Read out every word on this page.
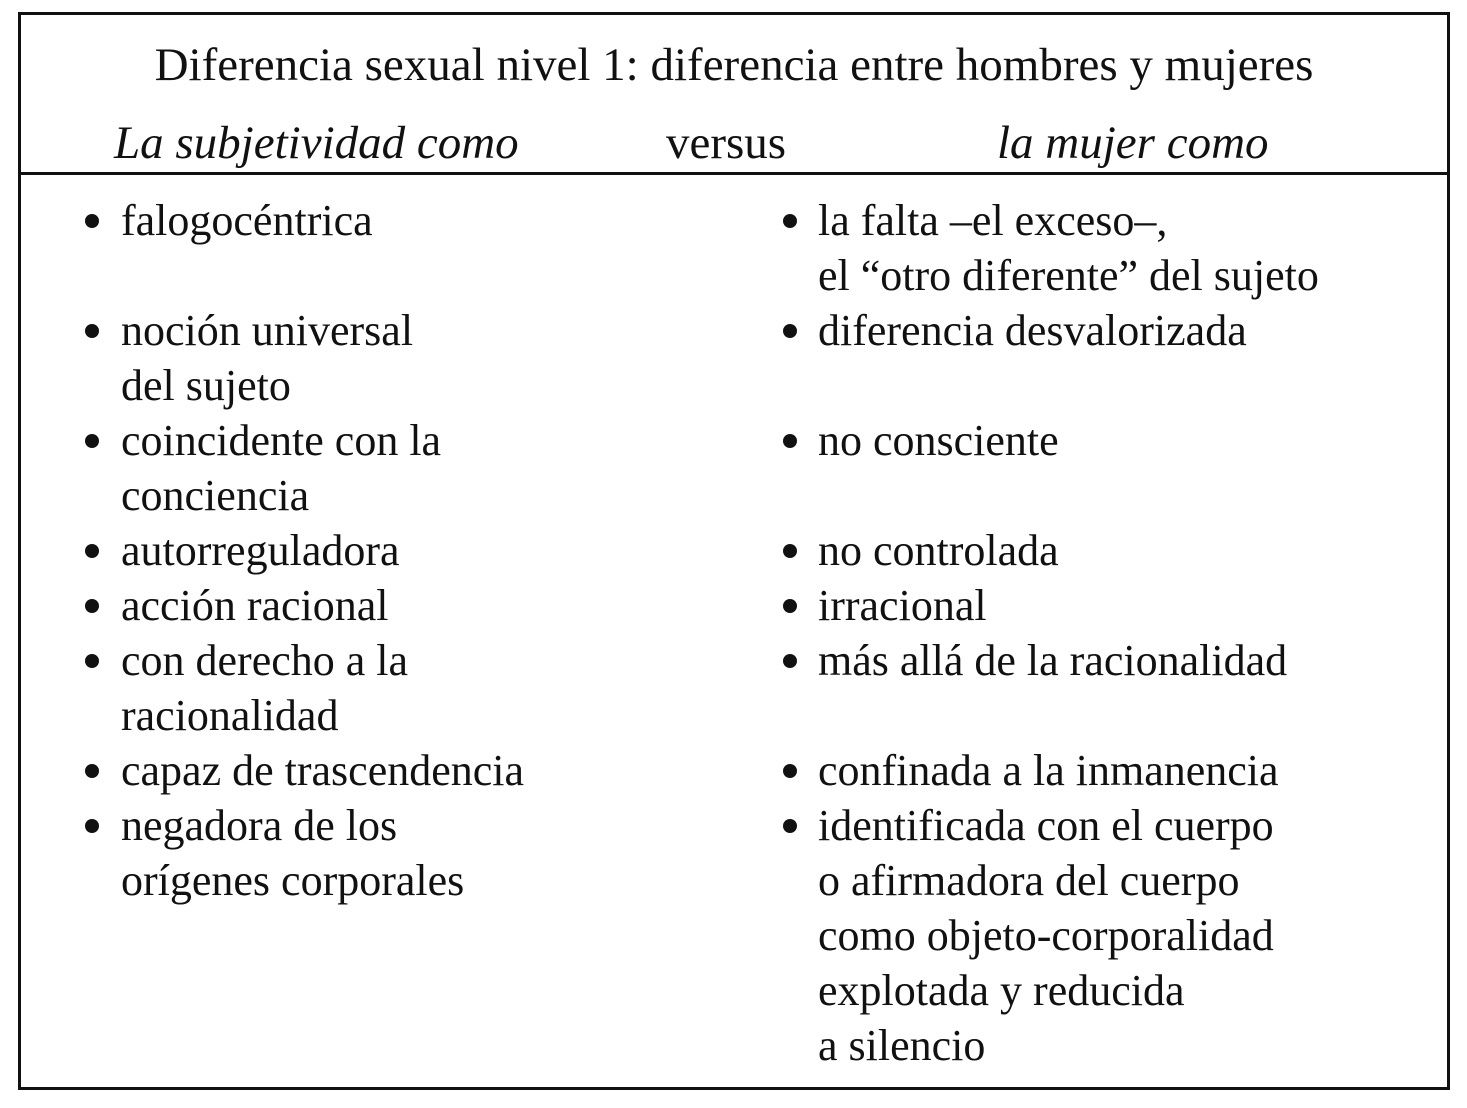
Diferencia sexual nivel 1: diferencia entre hombres y mujeres
La subjetividad como	versus	la mujer como
falogocéntrica
noción universal
del sujeto
coincidente con la
conciencia
autorreguladora
acción racional
con derecho a la
racionalidad
capaz de trascendencia
negadora de los
orígenes corporales
la falta –el exceso–,
el “otro diferente” del sujeto
diferencia desvalorizada
no consciente
no controlada
irracional
más allá de la racionalidad
confinada a la inmanencia
identificada con el cuerpo
o afirmadora del cuerpo
como objeto-corporalidad
explotada y reducida
a silencio
